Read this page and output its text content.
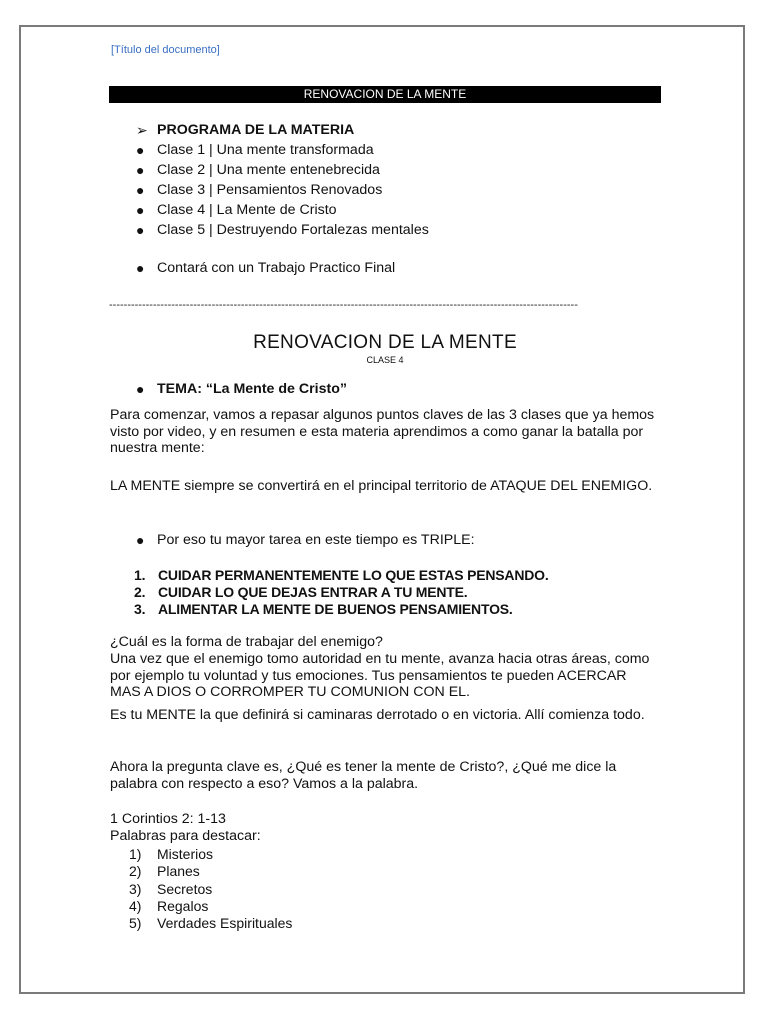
[Título del documento]
RENOVACION DE LA MENTE
➢ PROGRAMA DE LA MATERIA
● Clase 1 | Una mente transformada
● Clase 2 | Una mente entenebrecida
● Clase 3 | Pensamientos Renovados
● Clase 4 | La Mente de Cristo
● Clase 5 | Destruyendo Fortalezas mentales
● Contará con un Trabajo Practico Final
--------------------------------------------------------------------------------------------------------------------------------
RENOVACION DE LA MENTE
CLASE 4
● TEMA: “La Mente de Cristo”
Para comenzar, vamos a repasar algunos puntos claves de las 3 clases que ya hemos visto por video, y en resumen e esta materia aprendimos a como ganar la batalla por nuestra mente:
LA MENTE siempre se convertirá en el principal territorio de ATAQUE DEL ENEMIGO.
● Por eso tu mayor tarea en este tiempo es TRIPLE:
1. CUIDAR PERMANENTEMENTE LO QUE ESTAS PENSANDO.
2. CUIDAR LO QUE DEJAS ENTRAR A TU MENTE.
3. ALIMENTAR LA MENTE DE BUENOS PENSAMIENTOS.
¿Cuál es la forma de trabajar del enemigo?
Una vez que el enemigo tomo autoridad en tu mente, avanza hacia otras áreas, como por ejemplo tu voluntad y tus emociones. Tus pensamientos te pueden ACERCAR MAS A DIOS O CORROMPER TU COMUNION CON EL.
Es tu MENTE la que definirá si caminaras derrotado o en victoria. Allí comienza todo.
Ahora la pregunta clave es, ¿Qué es tener la mente de Cristo?, ¿Qué me dice la palabra con respecto a eso? Vamos a la palabra.
1 Corintios 2: 1-13
Palabras para destacar:
1) Misterios
2) Planes
3) Secretos
4) Regalos
5) Verdades Espirituales
